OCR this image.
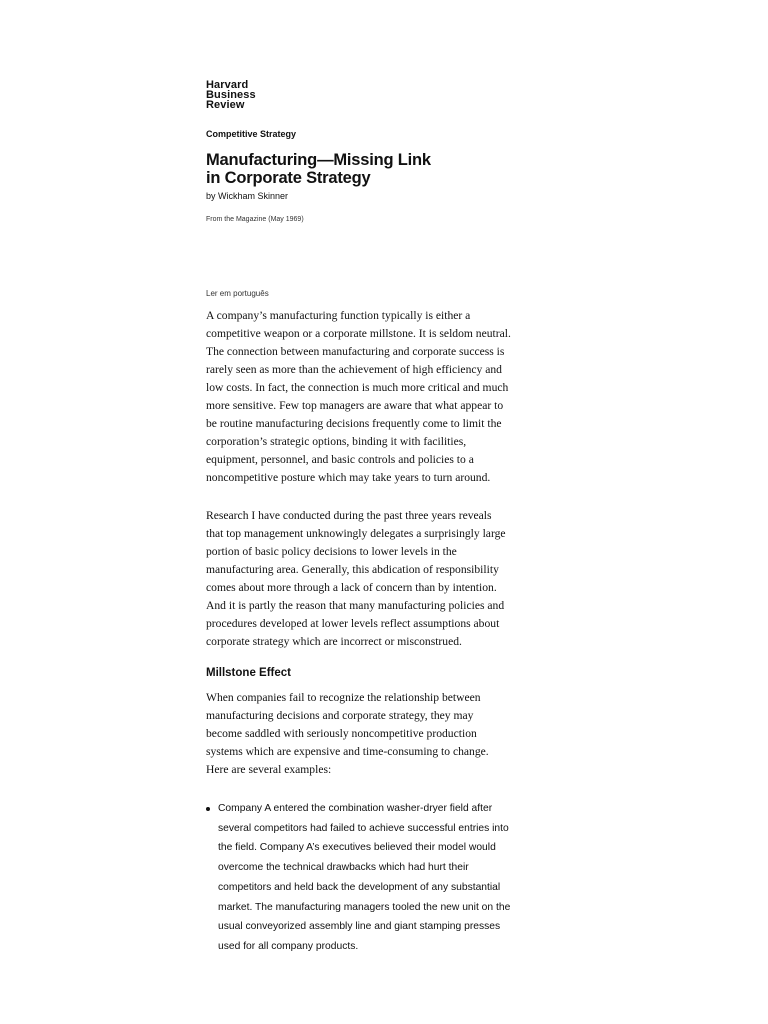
Harvard
Business
Review
Competitive Strategy
Manufacturing—Missing Link
in Corporate Strategy
by Wickham Skinner
From the Magazine (May 1969)
Ler em português
A company’s manufacturing function typically is either a
competitive weapon or a corporate millstone. It is seldom neutral.
The connection between manufacturing and corporate success is
rarely seen as more than the achievement of high efficiency and
low costs. In fact, the connection is much more critical and much
more sensitive. Few top managers are aware that what appear to
be routine manufacturing decisions frequently come to limit the
corporation’s strategic options, binding it with facilities,
equipment, personnel, and basic controls and policies to a
noncompetitive posture which may take years to turn around.
Research I have conducted during the past three years reveals
that top management unknowingly delegates a surprisingly large
portion of basic policy decisions to lower levels in the
manufacturing area. Generally, this abdication of responsibility
comes about more through a lack of concern than by intention.
And it is partly the reason that many manufacturing policies and
procedures developed at lower levels reflect assumptions about
corporate strategy which are incorrect or misconstrued.
Millstone Effect
When companies fail to recognize the relationship between
manufacturing decisions and corporate strategy, they may
become saddled with seriously noncompetitive production
systems which are expensive and time-consuming to change.
Here are several examples:
Company A entered the combination washer-dryer field after
several competitors had failed to achieve successful entries into
the field. Company A’s executives believed their model would
overcome the technical drawbacks which had hurt their
competitors and held back the development of any substantial
market. The manufacturing managers tooled the new unit on the
usual conveyorized assembly line and giant stamping presses
used for all company products.
